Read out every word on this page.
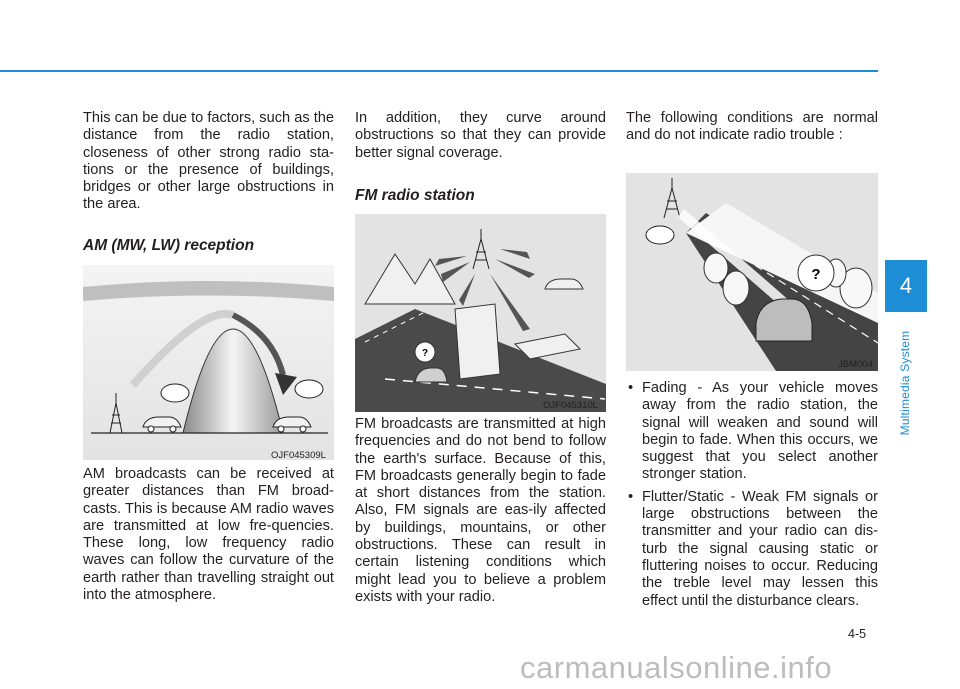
This can be due to factors, such as the distance from the radio station, closeness of other strong radio sta-tions or the presence of buildings, bridges or other large obstructions in the area.

AM (MW, LW) reception
OJF045309L

AM broadcasts can be received at greater distances than FM broad-casts. This is because AM radio waves are transmitted at low fre-quencies. These long, low frequency radio waves can follow the curvature of the earth rather than travelling straight out into the atmosphere.

In addition, they curve around obstructions so that they can provide better signal coverage.

FM radio station
?
OJF045310L

FM broadcasts are transmitted at high frequencies and do not bend to follow the earth's surface. Because of this, FM broadcasts generally begin to fade at short distances from the station. Also, FM signals are eas-ily affected by buildings, mountains, or other obstructions. These can result in certain listening conditions which might lead you to believe a problem exists with your radio.

The following conditions are normal and do not indicate radio trouble :

?
JBM004
• Fading - As your vehicle moves away from the radio station, the signal will weaken and sound will begin to fade. When this occurs, we suggest that you select another stronger station.
• Flutter/Static - Weak FM signals or large obstructions between the transmitter and your radio can dis-turb the signal causing static or fluttering noises to occur. Reducing the treble level may lessen this effect until the disturbance clears.
4
Multimedia System
4-5
carmanualsonline.info
